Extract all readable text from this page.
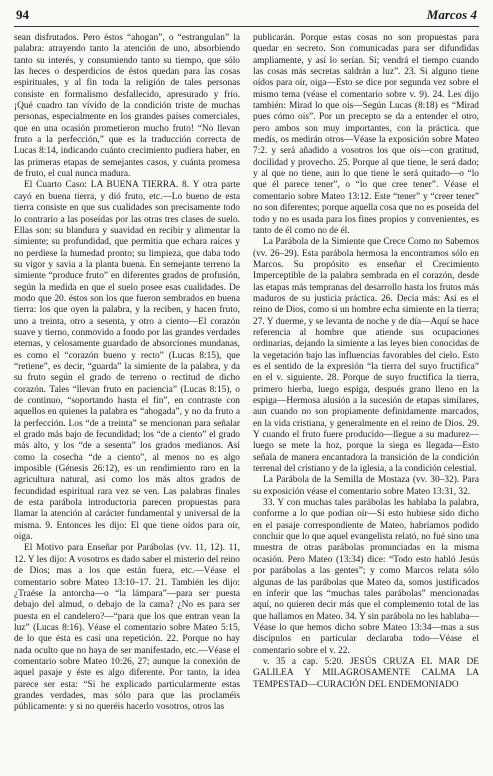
94	Marcos 4

sean disfrutados. Pero éstos “ahogan”, o “estrangulan” la palabra: atrayendo tanto la atención de uno, absorbiendo tanto su interés, y consumiendo tanto su tiempo, que sólo las heces o desperdicios de éstos quedan para las cosas espirituales, y al fin toda la religión de tales personas consiste en formalismo desfallecido, apresurado y frío. ¡Qué cuadro tan vívido de la condición triste de muchas personas, especialmente en los grandes países comerciales, que en una ocasión prometieron mucho fruto! “No llevan fruto a la perfección,” que es la traducción correcta de Lucas 8:14, indicando cuánto crecimiento pudiera haber, en las primeras etapas de semejantes casos, y cuánta promesa de fruto, el cual nunca madura.

El Cuarto Caso: LA BUENA TIERRA. 8. Y otra parte cayó en buena tierra, y dió fruto, etc.—Lo bueno de esta tierra consiste en que sus cualidades son precisamente todo lo contrario a las poseídas por las otras tres clases de suelo. Ellas son: su blandura y suavidad en recibir y alimentar la simiente; su profundidad, que permitía que echara raíces y no perdiese la humedad pronto; su limpieza, que daba todo su vigor y savia a la planta buena. En semejante terreno la simiente “produce fruto” en diferentes grados de profusión, según la medida en que el suelo posee esas cualidades. De modo que 20. éstos son los que fueron sembrados en buena tierra: los que oyen la palabra, y la reciben, y hacen fruto, uno a treinta, otro a sesenta, y otro a ciento—El corazón suave y tierno, conmovido a fondo por las grandes verdades eternas, y celosamente guardado de absorciones mundanas, es como el “corazón bueno y recto” (Lucas 8:15), que “retiene”, es decir, “guarda” la simiente de la palabra, y da su fruto según el grado de terreno o rectitud de dicho corazón. Tales “llevan fruto en paciencia” (Lucas 8:15), o de continuo, “soportando hasta el fin”, en contraste con aquellos en quienes la palabra es “ahogada”, y no da fruto a la perfección. Los “de a treinta” se mencionan para señalar el grado más bajo de fecundidad; los “de a ciento” el grado más alto, y los “de a sesenta” los grados medianos. Así como la cosecha “de a ciento”, al menos no es algo imposible (Génesis 26:12), es un rendimiento raro en la agricultura natural, así como los más altos grados de fecundidad espiritual rara vez se ven. Las palabras finales de esta parábola introductoria parecen propuestas para llamar la atención al carácter fundamental y universal de la misma. 9. Entonces les dijo: El que tiene oídos para oír, oiga.

El Motivo para Enseñar por Parábolas (vv. 11, 12). 11, 12. Y les dijo: A vosotros es dado saber el misterio del reino de Dios; mas a los que están fuera, etc.—Véase el comentario sobre Mateo 13:10–17. 21. También les dijo: ¿Traése la antorcha—o “la lámpara”—para ser puesta debajo del almud, o debajo de la cama? ¿No es para ser puesta en el candelero?—“para que los que entran vean la luz” (Lucas 8:16). Véase el comentario sobre Mateo 5:15, de lo que ésta es casi una repetición. 22. Porque no hay nada oculto que no haya de ser manifestado, etc.—Véase el comentario sobre Mateo 10:26, 27; aunque la conexión de aquel pasaje y éste es algo diferente. Por tanto, la idea parece ser esta: “Si he explicado particularmente estas grandes verdades, mas sólo para que las proclaméis públicamente: y si no queréis hacerlo vosotros, otros las

publicarán. Porque estas cosas no son propuestas para quedar en secreto. Son comunicadas para ser difundidas ampliamente, y así lo serían. Si; vendrá el tiempo cuando las cosas más secretas saldrán a luz”. 23. Si alguno tiene oídos para oír, oiga—Esto se dice por segunda vez sobre el mismo tema (véase el comentario sobre v. 9). 24. Les dijo también: Mirad lo que oís—Según Lucas (8:18) es “Mirad pues cómo oís”. Por un precepto se da a entender el otro, pero ambos son muy importantes, con la práctica. que medís, os medirán otros—Véase la exposición sobre Mateo 7:2. y será añadido a vosotros los que oís—con gratitud, docilidad y provecho. 25. Porque al que tiene, le será dado; y al que no tiene, aun lo que tiene le será quitado—o “lo que él parece tener”, o “lo que cree tener”. Véase el comentario sobre Mateo 13:12. Este “tener” y “creer tener” no son diferentes; porque aquella cosa que no es poseída del todo y no es usada para los fines propios y convenientes, es tanto de él como no de él.

La Parábola de la Simiente que Crece Como no Sabemos (vv. 26–29). Esta parábola hermosa la encontramos sólo en Marcos. Su propósito es enseñar el Crecimiento Imperceptible de la palabra sembrada en el corazón, desde las etapas más tempranas del desarrollo hasta los frutos más maduros de su justicia práctica. 26. Decía más: Así es el reino de Dios, como si un hombre echa simiente en la tierra; 27. Y duerme, y se levanta de noche y de día—Aquí se hace referencia al hombre que atiende sus ocupaciones ordinarias, dejando la simiente a las leyes bien conocidas de la vegetación bajo las influencias favorables del cielo. Esto es el sentido de la expresión “la tierra del suyo fructifica” en el v. siguiente. 28. Porque de suyo fructifica la tierra, primero hierba, luego espiga, después grano lleno en la espiga—Hermosa alusión a la sucesión de etapas similares, aun cuando no son propiamente definidamente marcados, en la vida cristiana, y generalmente en el reino de Dios. 29. Y cuando el fruto fuere producido—llegue a su madurez—luego se mete la hoz, porque la siega es llegada—Esto señala de manera encantadora la transición de la condición terrenal del cristiano y de la iglesia, a la condición celestial.

La Parábola de la Semilla de Mostaza (vv. 30–32). Para su exposición véase el comentario sobre Mateo 13:31, 32.

33. Y con muchas tales parábolas les hablaba la palabra, conforme a lo que podían oír—Si esto hubiese sido dicho en el pasaje correspondiente de Mateo, habríamos podido concluir que lo que aquel evangelista relató, no fué sino una muestra de otras parábolas pronunciadas en la misma ocasión. Pero Mateo (13:34) dice: “Todo esto habló Jesús por parábolas a las gentes”; y como Marcos relata sólo algunas de las parábolas que Mateo da, somos justificados en inferir que las “muchas tales parábolas” mencionadas aquí, no quieren decir más que el complemento total de las que hallamos en Mateo. 34. Y sin parábola no les hablaba—Véase lo que hemos dicho sobre Mateo 13:34—mas a sus discípulos en particular declaraba todo—Véase el comentario sobre el v. 22.

v. 35 a cap. 5:20. JESÚS CRUZA EL MAR DE GALILEA Y MILAGROSAMENTE CALMA LA TEMPESTAD—CURACIÓN DEL ENDEMONIADO
